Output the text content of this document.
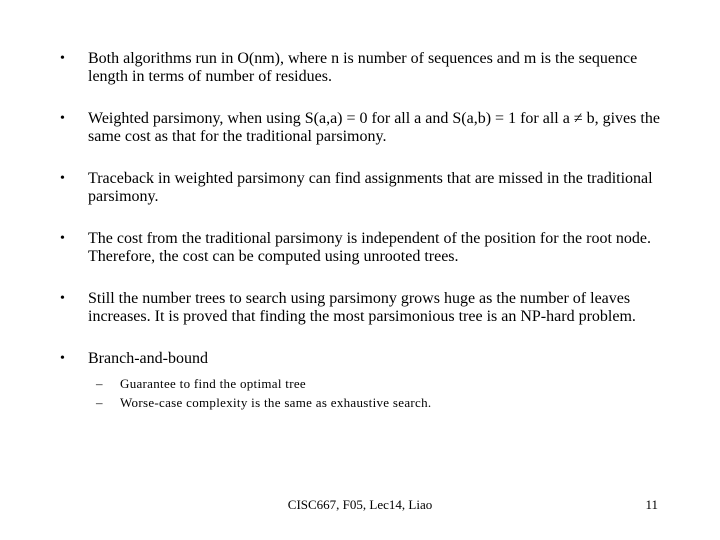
• Both algorithms run in O(nm), where n is number of sequences and m is the sequence length in terms of number of residues.
• Weighted parsimony, when using S(a,a) = 0 for all a and S(a,b) = 1 for all a ≠ b, gives the same cost as that for the traditional parsimony.
• Traceback in weighted parsimony can find assignments that are missed in the traditional parsimony.
• The cost from the traditional parsimony is independent of the position for the root node. Therefore, the cost can be computed using unrooted trees.
• Still the number trees to search using parsimony grows huge as the number of leaves increases. It is proved that finding the most parsimonious tree is an NP-hard problem.
• Branch-and-bound
– Guarantee to find the optimal tree
– Worse-case complexity is the same as exhaustive search.
CISC667, F05, Lec14, Liao	11
